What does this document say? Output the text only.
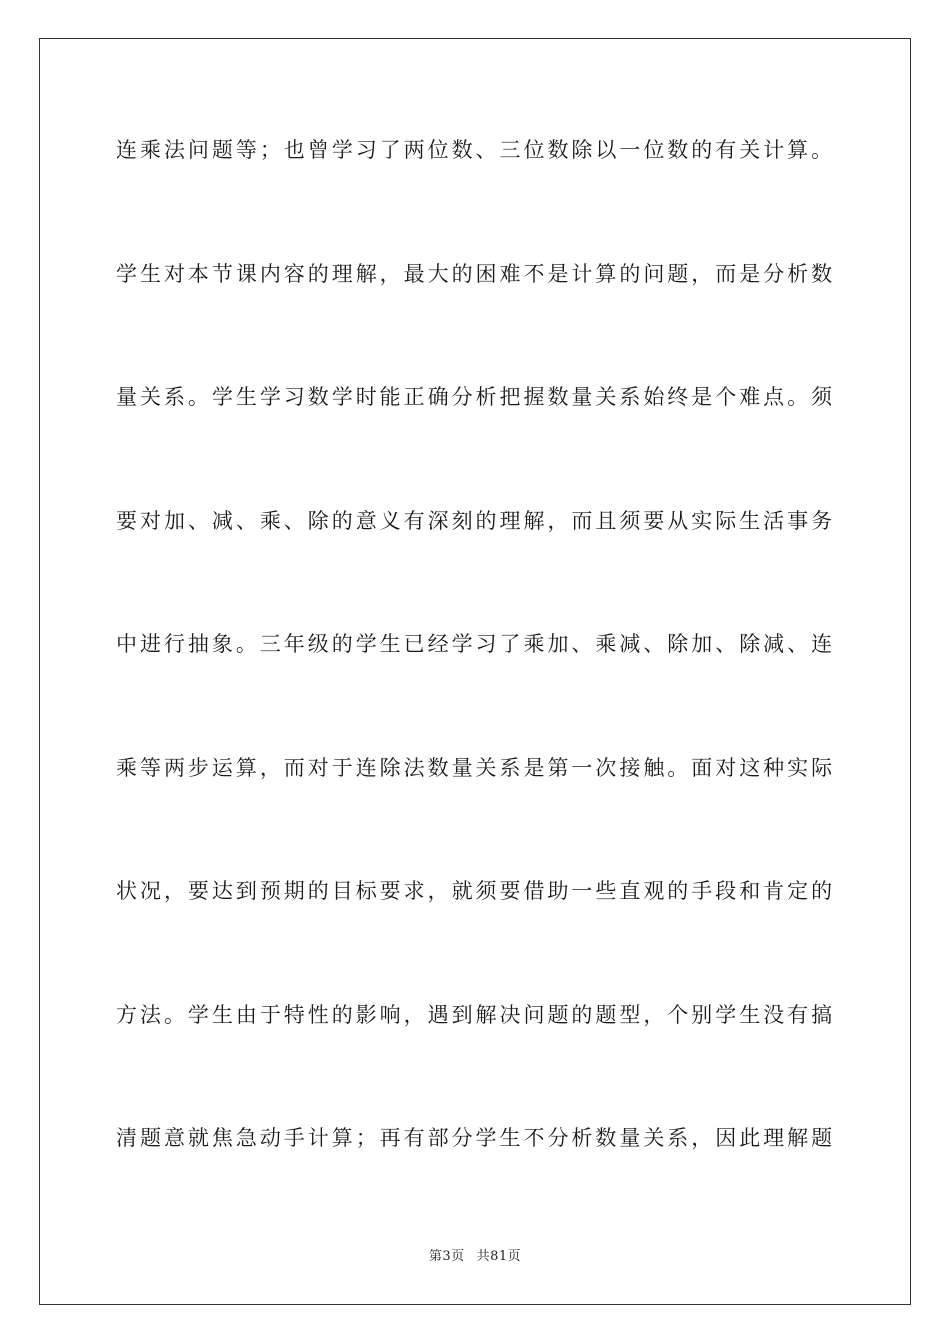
连乘法问题等；也曾学习了两位数、三位数除以一位数的有关计算。
学生对本节课内容的理解，最大的困难不是计算的问题，而是分析数
量关系。学生学习数学时能正确分析把握数量关系始终是个难点。须
要对加、减、乘、除的意义有深刻的理解，而且须要从实际生活事务
中进行抽象。三年级的学生已经学习了乘加、乘减、除加、除减、连
乘等两步运算，而对于连除法数量关系是第一次接触。面对这种实际
状况，要达到预期的目标要求，就须要借助一些直观的手段和肯定的
方法。学生由于特性的影响，遇到解决问题的题型，个别学生没有搞
清题意就焦急动手计算；再有部分学生不分析数量关系，因此理解题
第3页 共81页
